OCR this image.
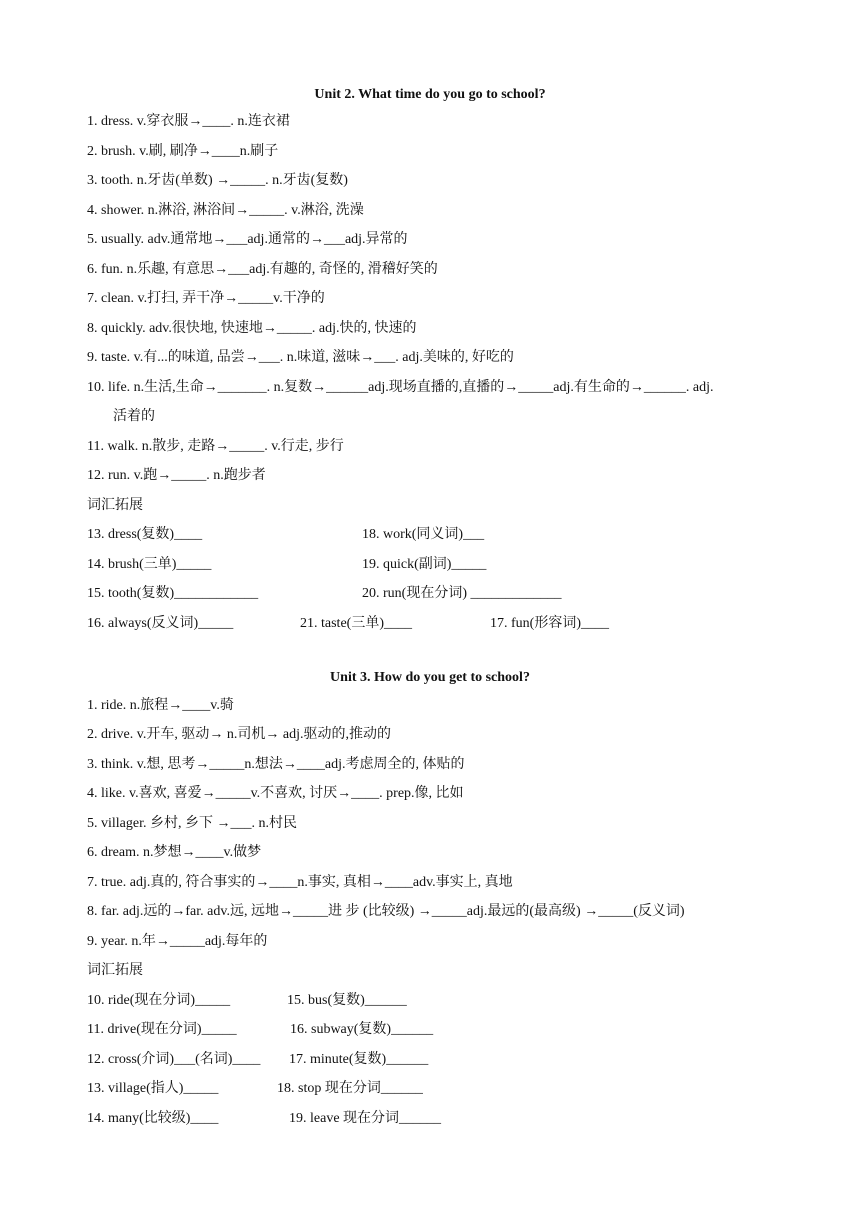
Unit 2. What time do you go to school?
1. dress. v.穿衣服→____. n.连衣裙
2. brush. v.刷, 刷净→____n.刷子
3. tooth. n.牙齿(单数) →_____. n.牙齿(复数)
4. shower. n.淋浴, 淋浴间→_____. v.淋浴, 洗澡
5. usually. adv.通常地→___adj.通常的→___adj.异常的
6. fun. n.乐趣, 有意思→___adj.有趣的, 奇怪的, 滑稽好笑的
7. clean. v.打扫, 弄干净→_____v.干净的
8. quickly. adv.很快地, 快速地→_____. adj.快的, 快速的
9. taste. v.有...的味道, 品尝→___. n.味道, 滋味→___. adj.美味的, 好吃的
10. life. n.生活,生命→_______. n.复数→______adj.现场直播的,直播的→_____adj.有生命的→______. adj.
活着的
11. walk. n.散步, 走路→_____. v.行走, 步行
12. run. v.跑→_____. n.跑步者
词汇拓展
13. dress(复数)____	18. work(同义词)___
14. brush(三单)_____	19. quick(副词)_____
15. tooth(复数)____________	20. run(现在分词) _____________
16. always(反义词)_____	21. taste(三单)____	17. fun(形容词)____
Unit 3. How do you get to school?
1. ride. n.旅程→____v.骑
2. drive. v.开车, 驱动→ n.司机→ adj.驱动的,推动的
3. think. v.想, 思考→_____n.想法→____adj.考虑周全的, 体贴的
4. like. v.喜欢, 喜爱→_____v.不喜欢, 讨厌→____. prep.像, 比如
5. villager. 乡村, 乡下 →___. n.村民
6. dream. n.梦想→____v.做梦
7. true. adj.真的, 符合事实的→____n.事实, 真相→____adv.事实上, 真地
8. far. adj.远的→far. adv.远, 远地→_____进 步 (比较级) →_____adj.最远的(最高级) →_____(反义词)
9. year. n.年→_____adj.每年的
词汇拓展
10. ride(现在分词)_____	15. bus(复数)______
11. drive(现在分词)_____	16. subway(复数)______
12. cross(介词)___(名词)____ 17. minute(复数)______
13. village(指人)_____	18. stop 现在分词______
14. many(比较级)____	19. leave 现在分词______
